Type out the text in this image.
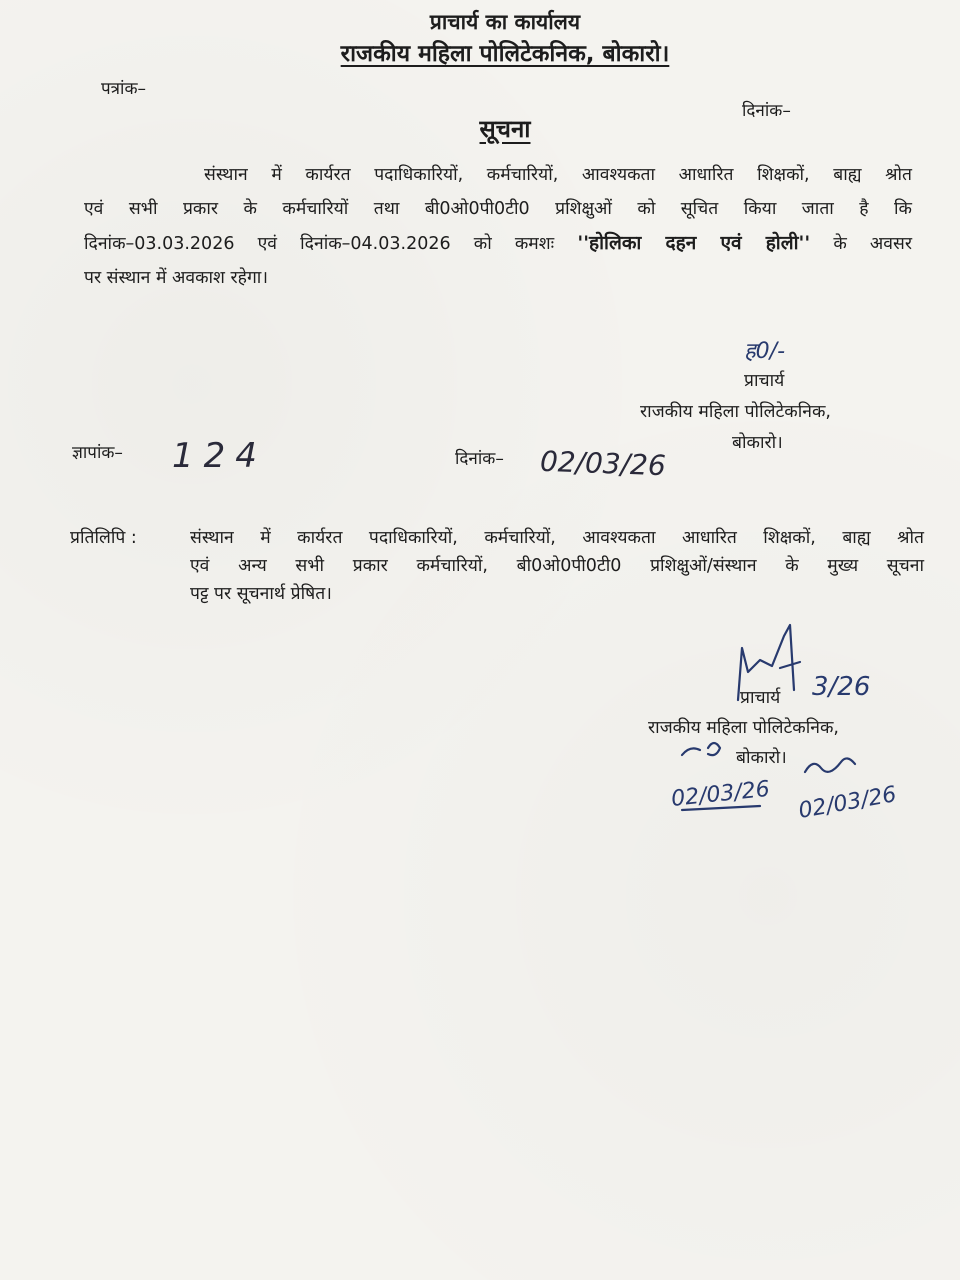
प्राचार्य का कार्यालय
राजकीय महिला पोलिटेकनिक, बोकारो।
पत्रांक–
दिनांक–
सूचना
संस्थान में कार्यरत पदाधिकारियों, कर्मचारियों, आवश्यकता आधारित शिक्षकों, बाह्य श्रोत
एवं सभी प्रकार के कर्मचारियों तथा बी0ओ0पी0टी0 प्रशिक्षुओं को सूचित किया जाता है कि
दिनांक–03.03.2026 एवं दिनांक–04.03.2026 को कमशः ''होलिका दहन एवं होली'' के अवसर
पर संस्थान में अवकाश रहेगा।
ह0/-
प्राचार्य
राजकीय महिला पोलिटेकनिक,
बोकारो।
ज्ञापांक– 124	दिनांक– 02/03/26
प्रतिलिपि :	संस्थान में कार्यरत पदाधिकारियों, कर्मचारियों, आवश्यकता आधारित शिक्षकों, बाह्य श्रोत
एवं अन्य सभी प्रकार कर्मचारियों, बी0ओ0पी0टी0 प्रशिक्षुओं/संस्थान के मुख्य सूचना
पट्ट पर सूचनार्थ प्रेषित।
प्राचार्य
राजकीय महिला पोलिटेकनिक,
बोकारो।
3/26
02/03/26 02/03/26
